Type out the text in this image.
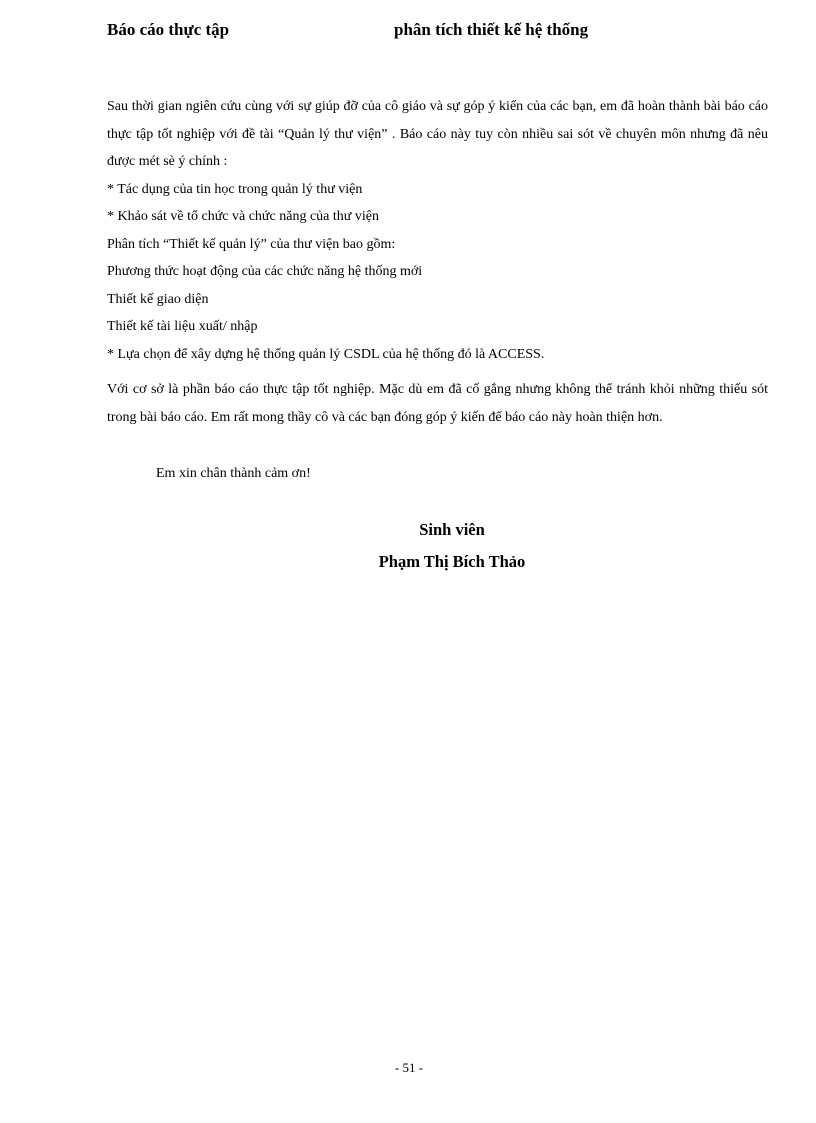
Báo cáo thực tập	phân tích thiết kế hệ thống
Sau thời gian ngiên cứu cùng với sự giúp đỡ của cô giáo và sự góp ý kiến của các bạn, em đã hoàn thành bài báo cáo thực tập tốt nghiệp với đề tài “Quản lý thư viện” . Báo cáo này tuy còn nhiều sai sót về chuyên môn nhưng đã nêu được mét sè ý chính :
* Tác dụng của tin học trong quản lý thư viện
* Khảo sát về tổ chức và chức năng của thư viện
Phân tích “Thiết kế quản lý” của thư viện bao gồm:
Phương thức hoạt động của các chức năng hệ thống mới
Thiết kế giao diện
Thiết kế tài liệu xuất/ nhập
* Lựa chọn để xây dựng hệ thống quản lý CSDL của hệ thống đó là ACCESS.
Với cơ sở là phần báo cáo thực tập tốt nghiệp. Mặc dù em đã cố gắng nhưng không thể tránh khỏi những thiếu sót trong bài báo cáo. Em rất mong thầy cô và các bạn đóng góp ý kiến để báo cáo này hoàn thiện hơn.
Em xin chân thành cảm ơn!
Sinh viên
Phạm Thị Bích Thảo
- 51 -
